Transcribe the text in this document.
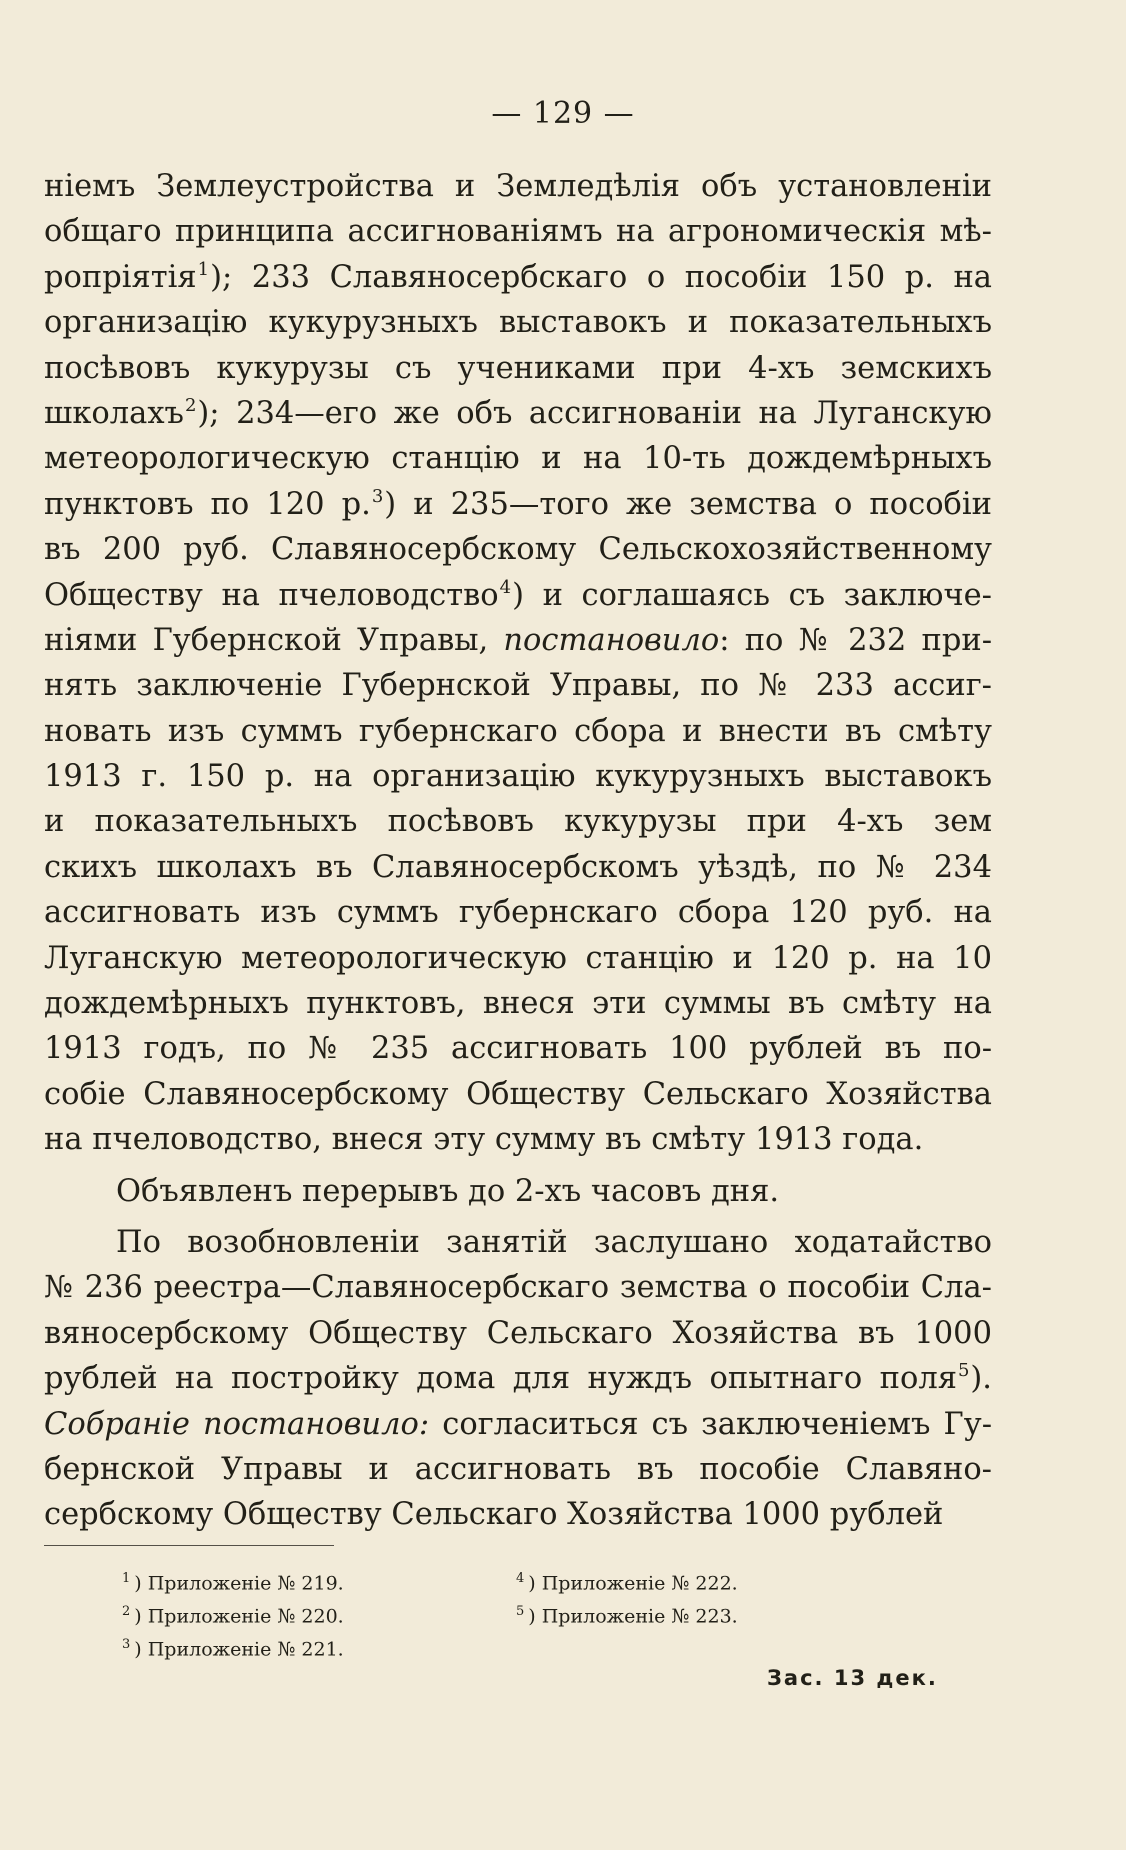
— 129 —
ніемъ Землеустройства и Земледѣлія объ установленіи
общаго принципа ассигнованіямъ на агрономическія мѣ-
ропріятія$^1$); 233 Славяносербскаго о пособіи 150 р. на
организацію кукурузныхъ выставокъ и показательныхъ
посѣвовъ кукурузы съ учениками при 4-хъ земскихъ
школахъ$^2$); 234—его же объ ассигнованіи на Луганскую
метеорологическую станцію и на 10-ть дождемѣрныхъ
пунктовъ по 120 р.$^3$) и 235—того же земства о пособіи
въ 200 руб. Славяносербскому Сельскохозяйственному
Обществу на пчеловодство$^4$) и соглашаясь съ заключе-
ніями Губернской Управы, постановило: по № 232 при-
нять заключеніе Губернской Управы, по № 233 ассиг-
новать изъ суммъ губернскаго сбора и внести въ смѣту
1913 г. 150 р. на организацію кукурузныхъ выставокъ
и показательныхъ посѣвовъ кукурузы при 4-хъ зем
скихъ школахъ въ Славяносербскомъ уѣздѣ, по № 234
ассигновать изъ суммъ губернскаго сбора 120 руб. на
Луганскую метеорологическую станцію и 120 р. на 10
дождемѣрныхъ пунктовъ, внеся эти суммы въ смѣту на
1913 годъ, по № 235 ассигновать 100 рублей въ по-
собіе Славяносербскому Обществу Сельскаго Хозяйства
на пчеловодство, внеся эту сумму въ смѣту 1913 года.
Объявленъ перерывъ до 2-хъ часовъ дня.
По возобновленіи занятій заслушано ходатайство
№ 236 реестра—Славяносербскаго земства о пособіи Сла-
вяносербскому Обществу Сельскаго Хозяйства въ 1000
рублей на постройку дома для нуждъ опытнаго поля$^5$).
Собраніе постановило: согласиться съ заключеніемъ Гу-
бернской Управы и ассигновать въ пособіе Славяно-
сербскому Обществу Сельскаго Хозяйства 1000 рублей
$^1$ ) Приложеніе № 219.
$^2$ ) Приложеніе № 220.
$^3$ ) Приложеніе № 221.
$^4$ ) Приложеніе № 222.
$^5$ ) Приложеніе № 223.
Зас. 13 дек.
